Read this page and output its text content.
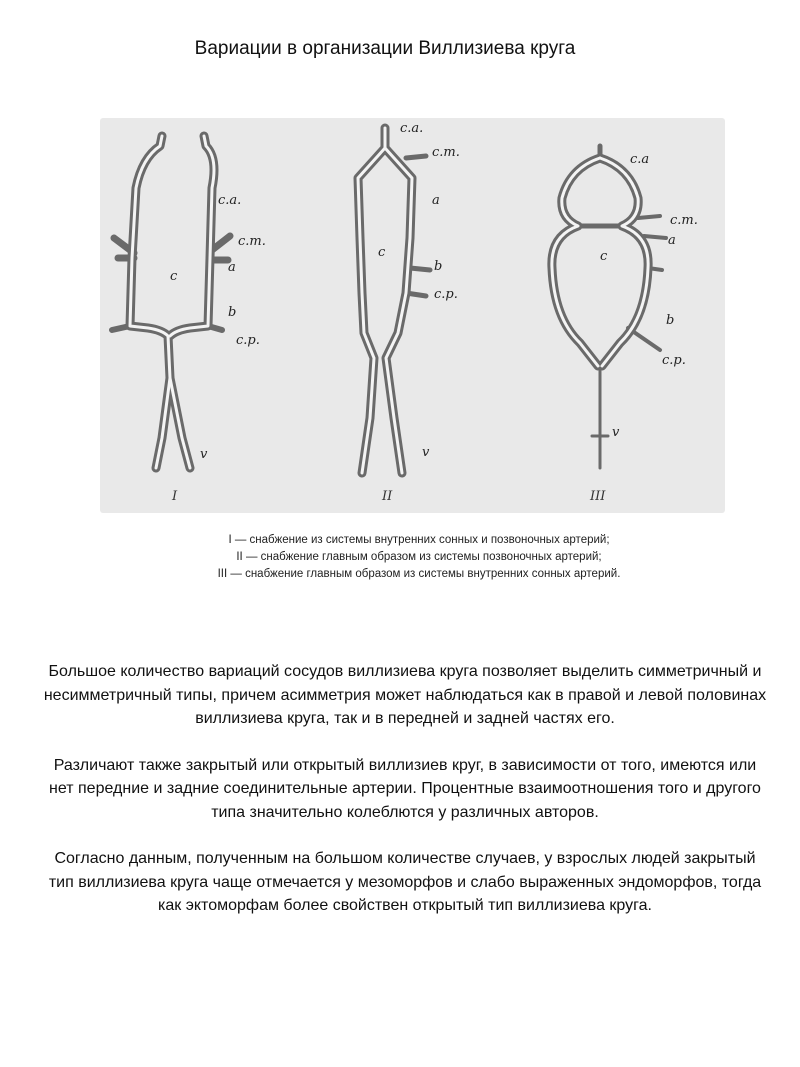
Вариации в организации Виллизиева круга
c.a.
c.m.
a
c
b
c.p.
v
I
c.a.
c.m.
a
c
b
c.p.
v
II
c.a
c.m.
a
c
b
c.p.
v
III
I — снабжение из системы внутренних сонных и позвоночных артерий;
II — снабжение главным образом из системы позвоночных артерий;
III — снабжение главным образом из системы внутренних сонных артерий.

Большое количество вариаций сосудов виллизиева круга позволяет выделить симметричный и несимметричный типы, причем асимметрия может наблюдаться как в правой и левой половинах виллизиева круга, так и в передней и задней частях его.

Различают также закрытый или открытый виллизиев круг, в зависимости от того, имеются или нет передние и задние соединительные артерии. Процентные взаимоотношения того и другого типа значительно колеблются у различных авторов.

Согласно данным, полученным на большом количестве случаев, у взрослых людей закрытый тип виллизиева круга чаще отмечается у мезоморфов и слабо выраженных эндоморфов, тогда как эктоморфам более свойствен открытый тип виллизиева круга.
